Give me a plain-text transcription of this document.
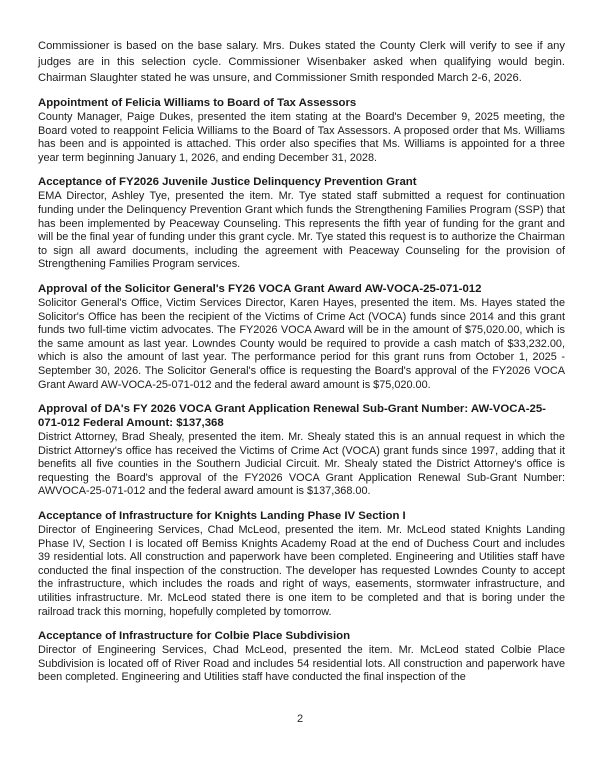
Commissioner is based on the base salary. Mrs. Dukes stated the County Clerk will verify to see if any judges are in this selection cycle. Commissioner Wisenbaker asked when qualifying would begin. Chairman Slaughter stated he was unsure, and Commissioner Smith responded March 2-6, 2026.

Appointment of Felicia Williams to Board of Tax Assessors

County Manager, Paige Dukes, presented the item stating at the Board's December 9, 2025 meeting, the Board voted to reappoint Felicia Williams to the Board of Tax Assessors. A proposed order that Ms. Williams has been and is appointed is attached. This order also specifies that Ms. Williams is appointed for a three year term beginning January 1, 2026, and ending December 31, 2028.

Acceptance of FY2026 Juvenile Justice Delinquency Prevention Grant

EMA Director, Ashley Tye, presented the item. Mr. Tye stated staff submitted a request for continuation funding under the Delinquency Prevention Grant which funds the Strengthening Families Program (SSP) that has been implemented by Peaceway Counseling. This represents the fifth year of funding for the grant and will be the final year of funding under this grant cycle. Mr. Tye stated this request is to authorize the Chairman to sign all award documents, including the agreement with Peaceway Counseling for the provision of Strengthening Families Program services.

Approval of the Solicitor General's FY26 VOCA Grant Award AW-VOCA-25-071-012

Solicitor General's Office, Victim Services Director, Karen Hayes, presented the item. Ms. Hayes stated the Solicitor's Office has been the recipient of the Victims of Crime Act (VOCA) funds since 2014 and this grant funds two full-time victim advocates. The FY2026 VOCA Award will be in the amount of $75,020.00, which is the same amount as last year. Lowndes County would be required to provide a cash match of $33,232.00, which is also the amount of last year. The performance period for this grant runs from October 1, 2025 - September 30, 2026. The Solicitor General's office is requesting the Board's approval of the FY2026 VOCA Grant Award AW-VOCA-25-071-012 and the federal award amount is $75,020.00.

Approval of DA's FY 2026 VOCA Grant Application Renewal Sub-Grant Number: AW-VOCA-25-071-012 Federal Amount: $137,368

District Attorney, Brad Shealy, presented the item. Mr. Shealy stated this is an annual request in which the District Attorney's office has received the Victims of Crime Act (VOCA) grant funds since 1997, adding that it benefits all five counties in the Southern Judicial Circuit. Mr. Shealy stated the District Attorney's office is requesting the Board's approval of the FY2026 VOCA Grant Application Renewal Sub-Grant Number: AWVOCA-25-071-012 and the federal award amount is $137,368.00.

Acceptance of Infrastructure for Knights Landing Phase IV Section I

Director of Engineering Services, Chad McLeod, presented the item. Mr. McLeod stated Knights Landing Phase IV, Section I is located off Bemiss Knights Academy Road at the end of Duchess Court and includes 39 residential lots. All construction and paperwork have been completed. Engineering and Utilities staff have conducted the final inspection of the construction. The developer has requested Lowndes County to accept the infrastructure, which includes the roads and right of ways, easements, stormwater infrastructure, and utilities infrastructure. Mr. McLeod stated there is one item to be completed and that is boring under the railroad track this morning, hopefully completed by tomorrow.

Acceptance of Infrastructure for Colbie Place Subdivision

Director of Engineering Services, Chad McLeod, presented the item. Mr. McLeod stated Colbie Place Subdivision is located off of River Road and includes 54 residential lots. All construction and paperwork have been completed. Engineering and Utilities staff have conducted the final inspection of the

2
